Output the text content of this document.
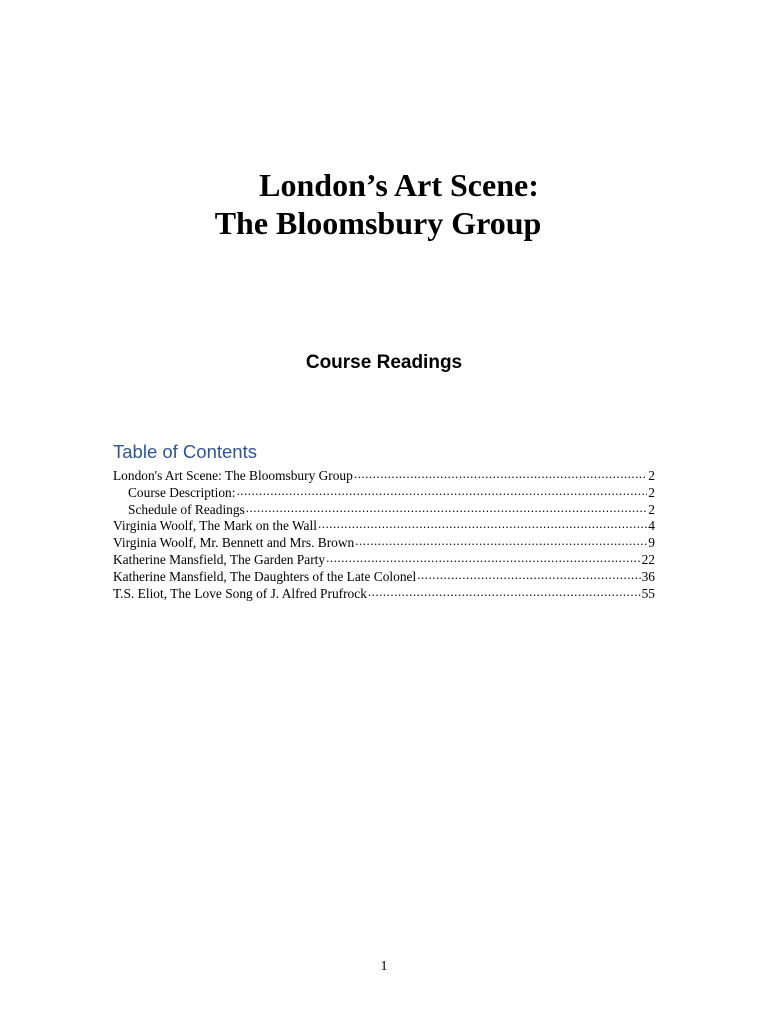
London’s Art Scene:
The Bloomsbury Group
Course Readings
Table of Contents
London's Art Scene: The Bloomsbury Group .....	2
Course Description: .....	2
Schedule of Readings .....	2
Virginia Woolf, The Mark on the Wall .....	4
Virginia Woolf, Mr. Bennett and Mrs. Brown .....	9
Katherine Mansfield, The Garden Party .....	22
Katherine Mansfield, The Daughters of the Late Colonel .....	36
T.S. Eliot, The Love Song of J. Alfred Prufrock .....	55
1
